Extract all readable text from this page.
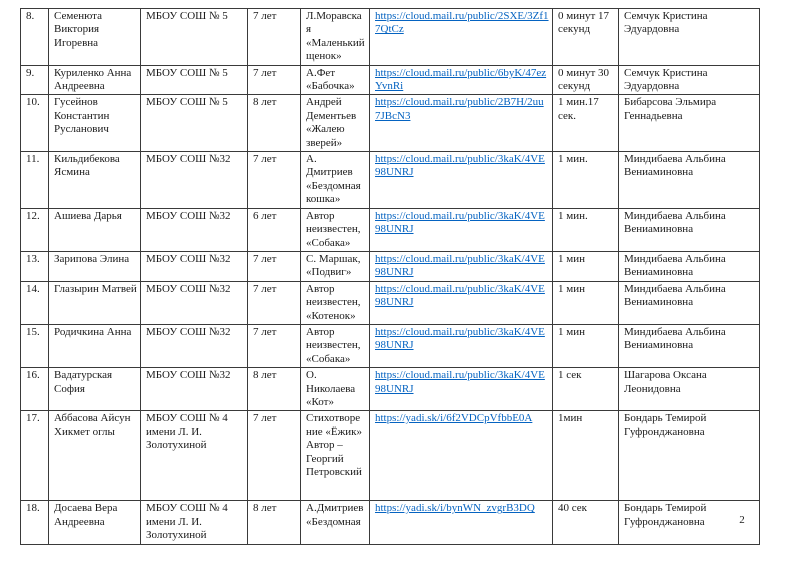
8.	Семенюта Виктория Игоревна	МБОУ СОШ № 5	7 лет	Л.Моравская «Маленький щенок»	https://cloud.mail.ru/public/2SXE/3Zf17QtCz	0 минут 17 секунд	Семчук Кристина Эдуардовна
9.	Куриленко Анна Андреевна	МБОУ СОШ № 5	7 лет	А.Фет «Бабочка»	https://cloud.mail.ru/public/6byK/47ezYvnRi	0 минут 30 секунд	Семчук Кристина Эдуардовна
10.	Гусейнов Константин Русланович	МБОУ СОШ № 5	8 лет	Андрей Дементьев «Жалею зверей»	https://cloud.mail.ru/public/2B7H/2uu7JBcN3	1 мин.17 сек.	Бибарсова Эльмира Геннадьевна
11.	Кильдибекова Ясмина	МБОУ СОШ №32	7 лет	А. Дмитриев «Бездомная кошка»	https://cloud.mail.ru/public/3kaK/4VE98UNRJ	1 мин.	Миндибаева Альбина Вениаминовна
12.	Ашиева Дарья	МБОУ СОШ №32	6 лет	Автор неизвестен, «Собака»	https://cloud.mail.ru/public/3kaK/4VE98UNRJ	1 мин.	Миндибаева Альбина Вениаминовна
13.	Зарипова Элина	МБОУ СОШ №32	7 лет	С. Маршак, «Подвиг»	https://cloud.mail.ru/public/3kaK/4VE98UNRJ	1 мин	Миндибаева Альбина Вениаминовна
14.	Глазырин Матвей	МБОУ СОШ №32	7 лет	Автор неизвестен, «Котенок»	https://cloud.mail.ru/public/3kaK/4VE98UNRJ	1 мин	Миндибаева Альбина Вениаминовна
15.	Родичкина Анна	МБОУ СОШ №32	7 лет	Автор неизвестен, «Собака»	https://cloud.mail.ru/public/3kaK/4VE98UNRJ	1 мин	Миндибаева Альбина Вениаминовна
16.	Вадатурская София	МБОУ СОШ №32	8 лет	О. Николаева «Кот»	https://cloud.mail.ru/public/3kaK/4VE98UNRJ	1 сек	Шагарова Оксана Леонидовна
17.	Аббасова Айсун Хикмет оглы	МБОУ СОШ № 4 имени Л. И. Золотухиной	7 лет	Стихотворение «Ёжик» Автор – Георгий Петровский	https://yadi.sk/i/6f2VDCpVfbbE0A	1мин	Бондарь Темирой Гуфронджановна
18.	Досаева Вера Андреевна	МБОУ СОШ № 4 имени Л. И. Золотухиной	8 лет	А.Дмитриев «Бездомная	https://yadi.sk/i/bynWN_zvgrB3DQ	40 сек	Бондарь Темирой Гуфронджановна	2
